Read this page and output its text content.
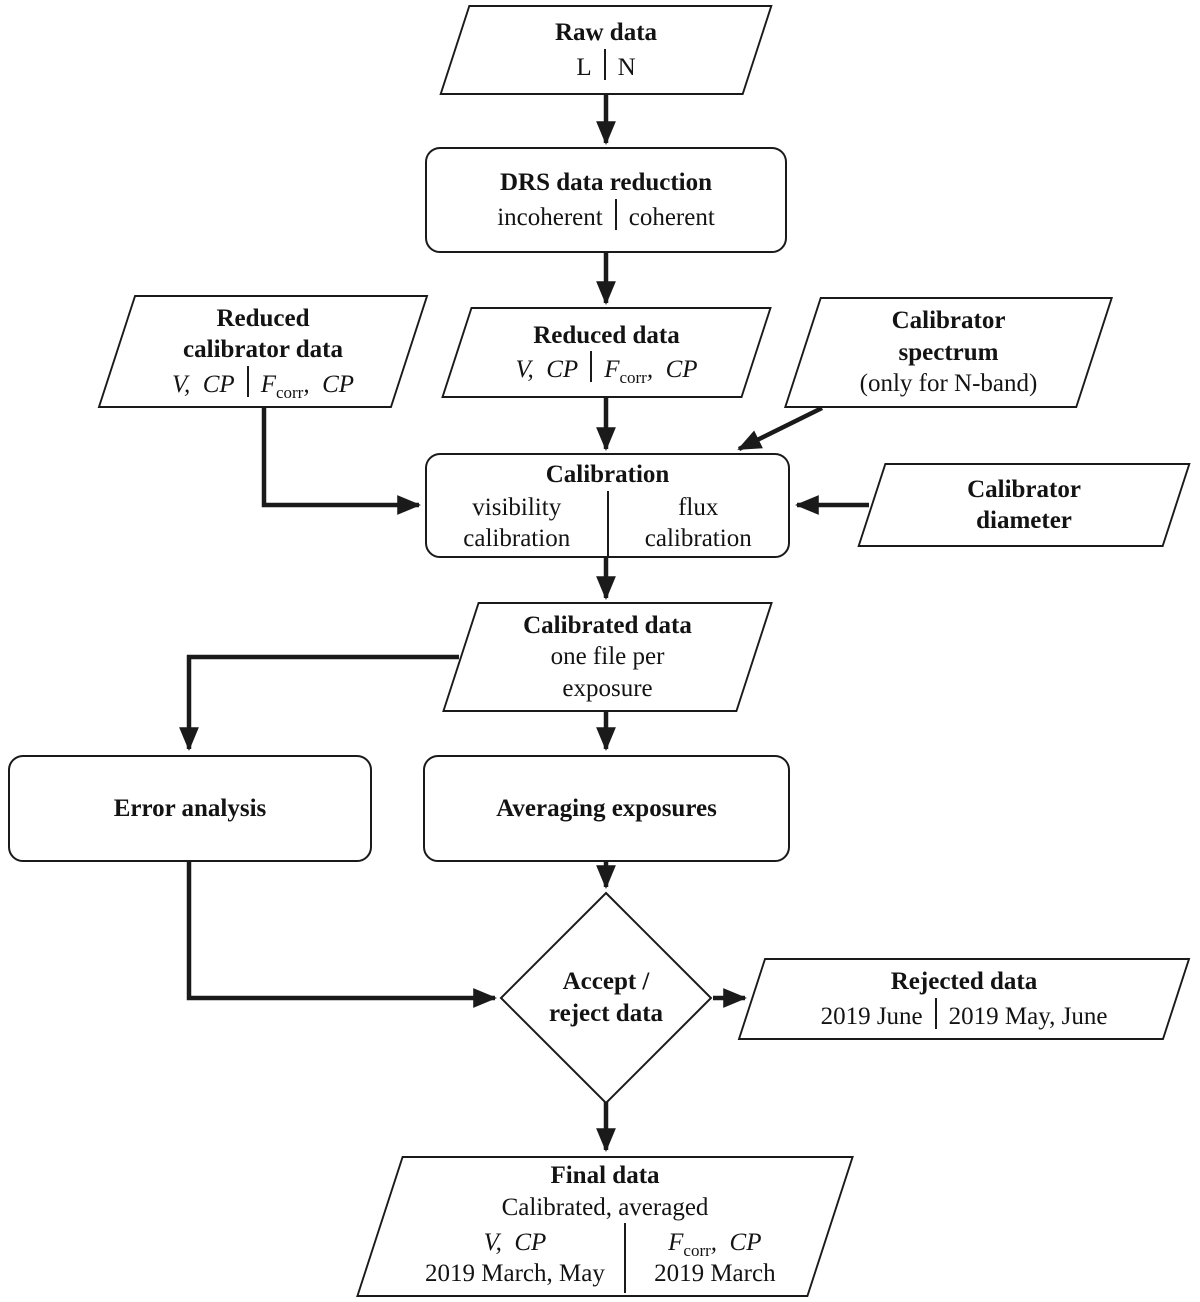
Raw data
L N
DRS data reduction
incoherent coherent
Reduced
calibrator data
V,  CP $F_{corr}$,  CP
Reduced data
V,  CP $F_{corr}$,  CP
Calibrator
spectrum
(only for N-band)
Calibration
visibility
calibration
flux
calibration
Calibrator
diameter
Calibrated data
one file per
exposure
Error analysis	Averaging exposures
Accept /
reject data
Rejected data
2019 June 2019 May, June
Final data
Calibrated, averaged
V,  CP
2019 March, May
$F_{corr}$,  CP
2019 March
